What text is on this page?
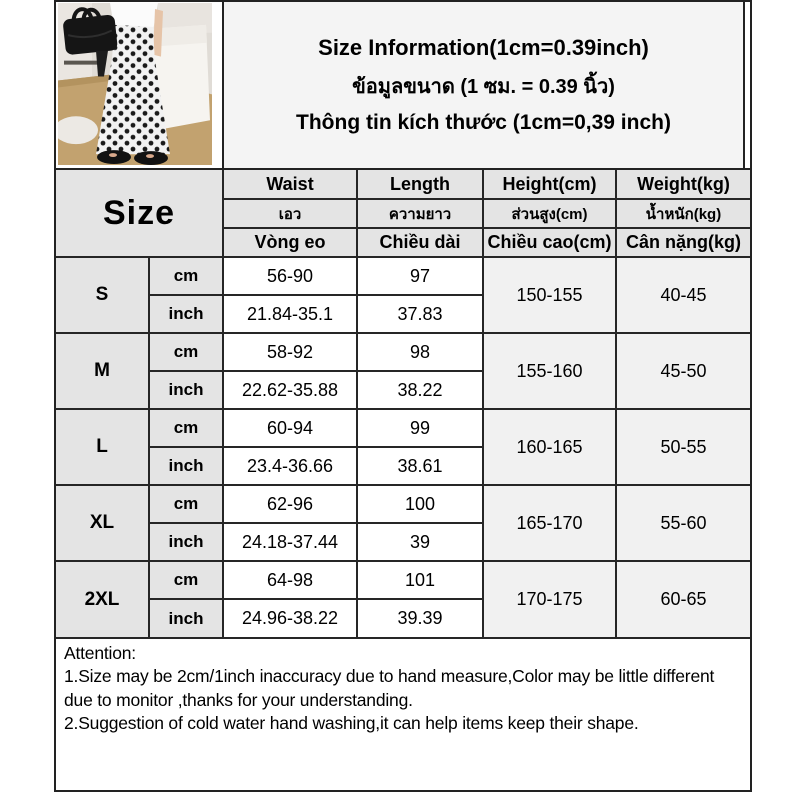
Size Information(1cm=0.39inch)
ข้อมูลขนาด (1 ซม. = 0.39 นิ้ว)
Thông tin kích thước (1cm=0,39 inch)
Size		Waist	Length	Height(cm)	Weight(kg)
		เอว	ความยาว	ส่วนสูง(cm)	น้ำหนัก(kg)
		Vòng eo	Chiều dài	Chiều cao(cm)	Cân nặng(kg)
S	cm	56-90	97	150-155	40-45
	inch	21.84-35.1	37.83		
M	cm	58-92	98	155-160	45-50
	inch	22.62-35.88	38.22		
L	cm	60-94	99	160-165	50-55
	inch	23.4-36.66	38.61		
XL	cm	62-96	100	165-170	55-60
	inch	24.18-37.44	39		
2XL	cm	64-98	101	170-175	60-65
	inch	24.96-38.22	39.39		

Attention:

1.Size may be 2cm/1inch inaccuracy due to hand measure,Color may be little different due to monitor ,thanks for your understanding.

2.Suggestion of cold water hand washing,it can help items keep their shape.
